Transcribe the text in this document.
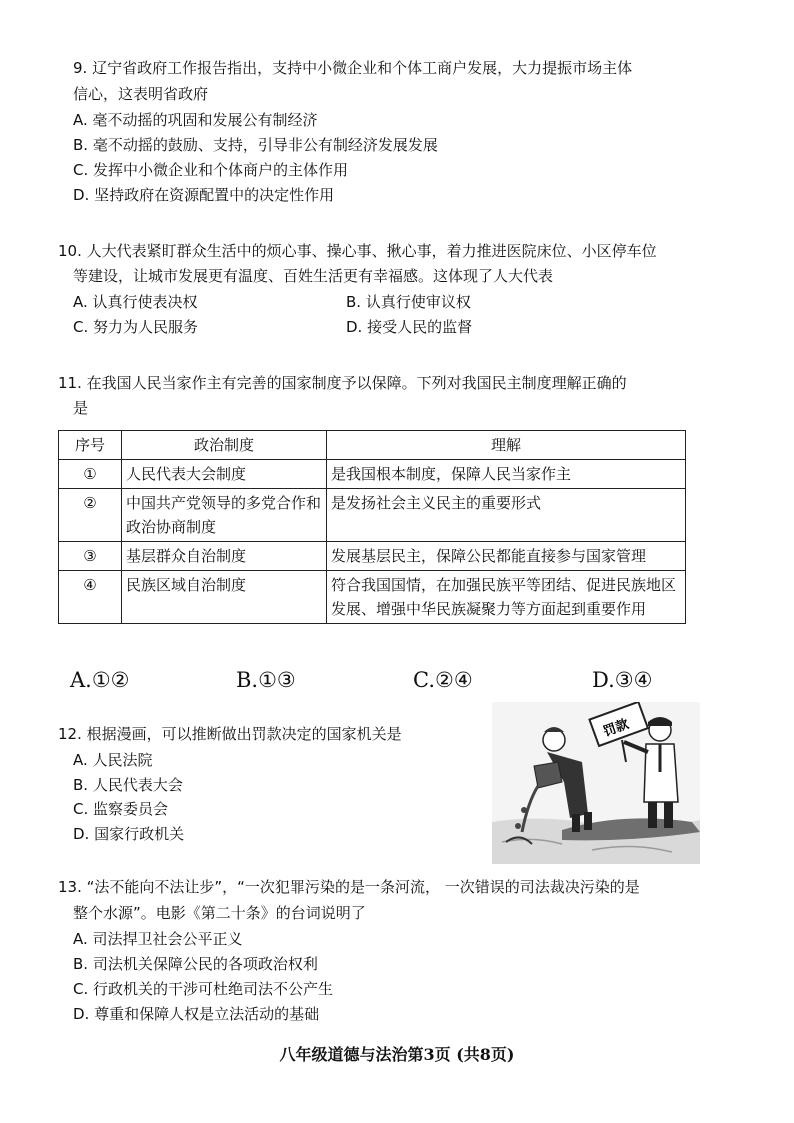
9. 辽宁省政府工作报告指出，支持中小微企业和个体工商户发展，大力提振市场主体
信心，这表明省政府
A. 毫不动摇的巩固和发展公有制经济
B. 毫不动摇的鼓励、支持，引导非公有制经济发展发展
C. 发挥中小微企业和个体商户的主体作用
D. 坚持政府在资源配置中的决定性作用
10. 人大代表紧盯群众生活中的烦心事、操心事、揪心事，着力推进医院床位、小区停车位
等建设，让城市发展更有温度、百姓生活更有幸福感。这体现了人大代表
A. 认真行使表决权	B. 认真行使审议权
C. 努力为人民服务	D. 接受人民的监督
11. 在我国人民当家作主有完善的国家制度予以保障。下列对我国民主制度理解正确的
是
序号	政治制度	理解
①	人民代表大会制度	是我国根本制度，保障人民当家作主
②	中国共产党领导的多党合作和政治协商制度	是发扬社会主义民主的重要形式
③	基层群众自治制度	发展基层民主，保障公民都能直接参与国家管理
④	民族区域自治制度	符合我国国情，在加强民族平等团结、促进民族地区发展、增强中华民族凝聚力等方面起到重要作用
A.①②	B.①③	C.②④	D.③④
12. 根据漫画，可以推断做出罚款决定的国家机关是
A. 人民法院
B. 人民代表大会
C. 监察委员会
D. 国家行政机关
罚款
13. “法不能向不法让步”，“一次犯罪污染的是一条河流， 一次错误的司法裁决污染的是
整个水源”。电影《第二十条》的台词说明了
A. 司法捍卫社会公平正义
B. 司法机关保障公民的各项政治权利
C. 行政机关的干涉可杜绝司法不公产生
D. 尊重和保障人权是立法活动的基础
八年级道德与法治第3页 (共8页)
